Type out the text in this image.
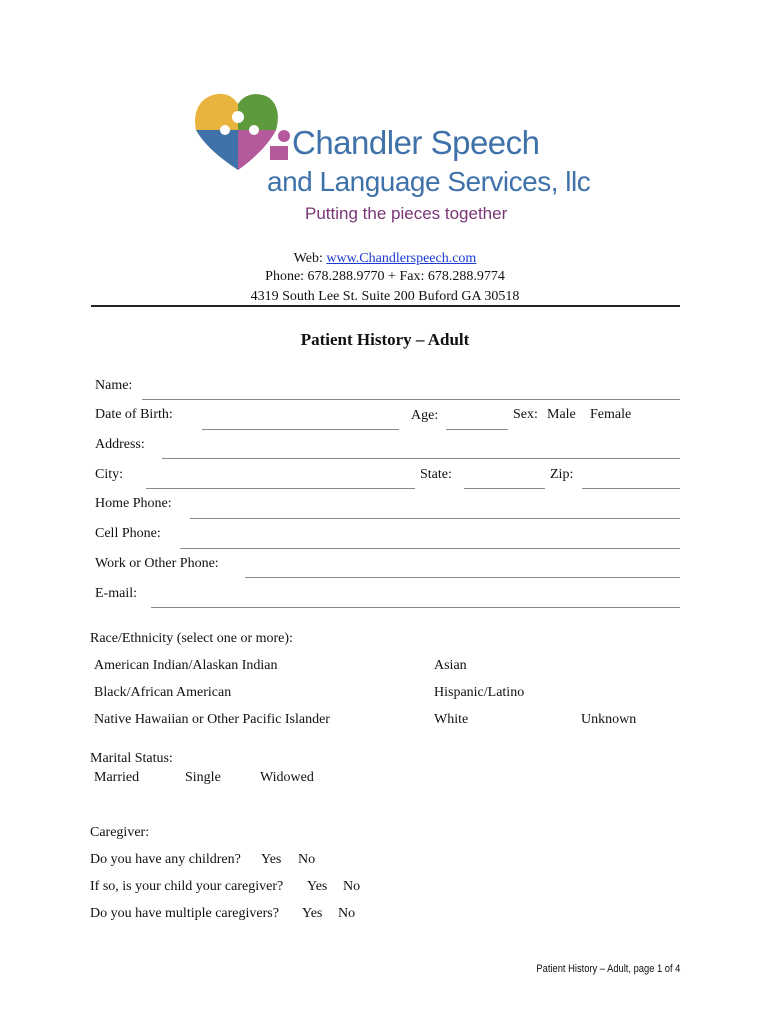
Chandler Speech
and Language Services, llc
Putting the pieces together
Web: www.Chandlerspeech.com
Phone: 678.288.9770 + Fax: 678.288.9774
4319 South Lee St. Suite 200 Buford GA 30518
Patient History – Adult
Name:
Date of Birth:	Age:	Sex: Male Female
Address:
City:	State:	Zip:
Home Phone:
Cell Phone:
Work or Other Phone:
E-mail:
Race/Ethnicity (select one or more):
American Indian/Alaskan Indian	Asian
Black/African American	Hispanic/Latino
Native Hawaiian or Other Pacific Islander	White	Unknown
Marital Status:
Married	Single	Widowed
Caregiver:
Do you have any children? Yes No
If so, is your child your caregiver? Yes No
Do you have multiple caregivers? Yes No
Patient History – Adult, page 1 of 4
